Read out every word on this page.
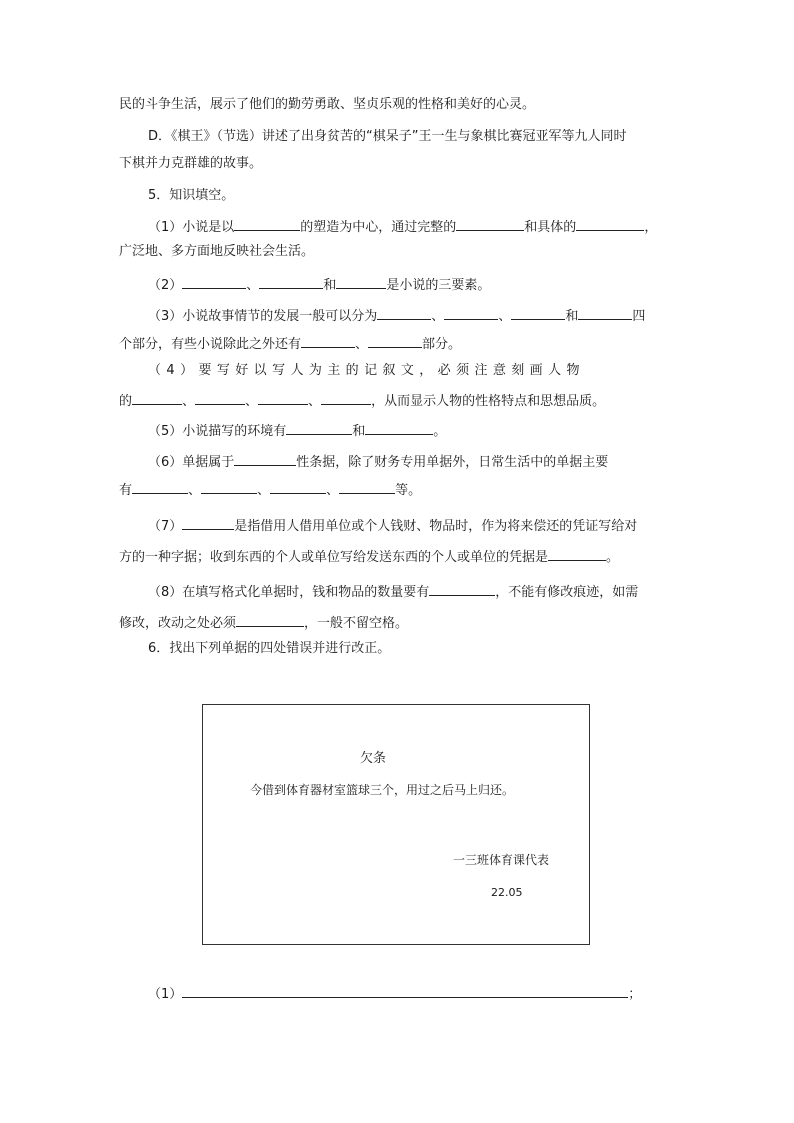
民的斗争生活，展示了他们的勤劳勇敢、坚贞乐观的性格和美好的心灵。
D．《棋王》（节选）讲述了出身贫苦的“棋呆子”王一生与象棋比赛冠亚军等九人同时
下棋并力克群雄的故事。
5．知识填空。
（1）小说是以	的塑造为中心，通过完整的	和具体的	，
广泛地、多方面地反映社会生活。
（2）	、	和	是小说的三要素。
（3）小说故事情节的发展一般可以分为	、	、	和	四
个部分，有些小说除此之外还有	、	部分。
（4）要写好以写人为主的记叙文，必须注意刻画人物
的	、	、	、	，从而显示人物的性格特点和思想品质。
（5）小说描写的环境有	和	。
（6）单据属于	性条据，除了财务专用单据外，日常生活中的单据主要
有	、	、	、	等。
（7）	是指借用人借用单位或个人钱财、物品时，作为将来偿还的凭证写给对
方的一种字据；收到东西的个人或单位写给发送东西的个人或单位的凭据是	。
（8）在填写格式化单据时，钱和物品的数量要有	，不能有修改痕迹，如需
修改，改动之处必须	，一般不留空格。
6．找出下列单据的四处错误并进行改正。
欠条
今借到体育器材室篮球三个，用过之后马上归还。
一三班体育课代表
22.05
（1）	；
